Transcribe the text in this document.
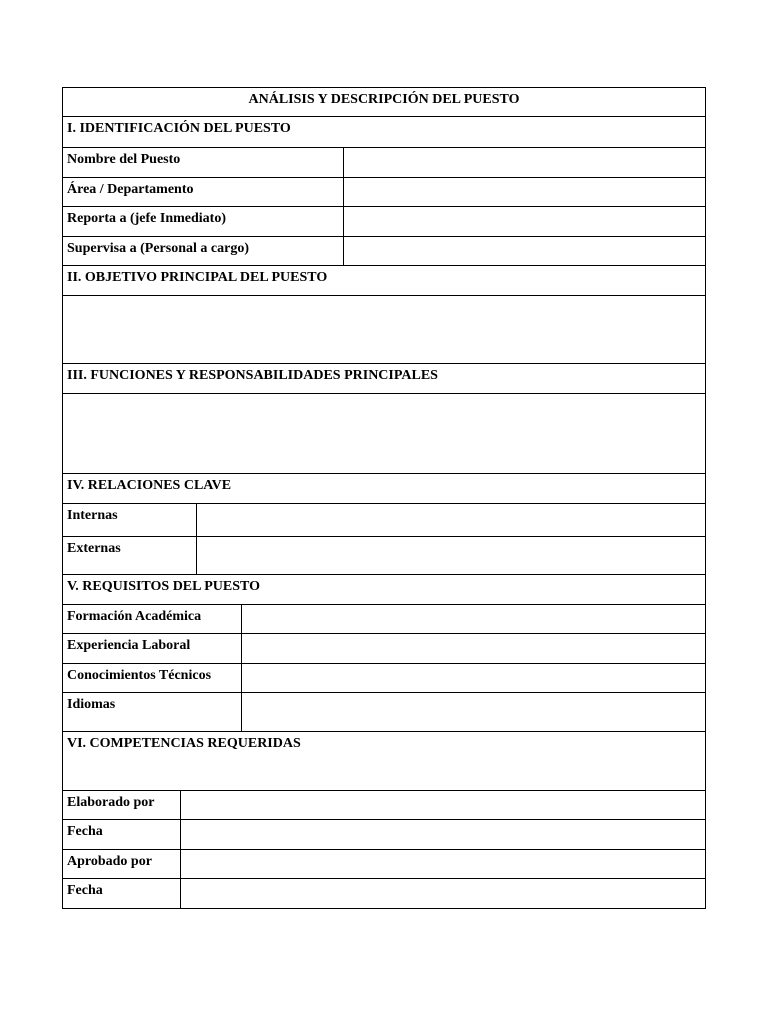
ANÁLISIS Y DESCRIPCIÓN DEL PUESTO
I. IDENTIFICACIÓN DEL PUESTO
Nombre del Puesto
Área / Departamento
Reporta a (jefe Inmediato)
Supervisa a (Personal a cargo)
II. OBJETIVO PRINCIPAL DEL PUESTO
III. FUNCIONES Y RESPONSABILIDADES PRINCIPALES
IV. RELACIONES CLAVE
Internas
Externas
V. REQUISITOS DEL PUESTO
Formación Académica
Experiencia Laboral
Conocimientos Técnicos
Idiomas
VI. COMPETENCIAS REQUERIDAS
Elaborado por
Fecha
Aprobado por
Fecha
